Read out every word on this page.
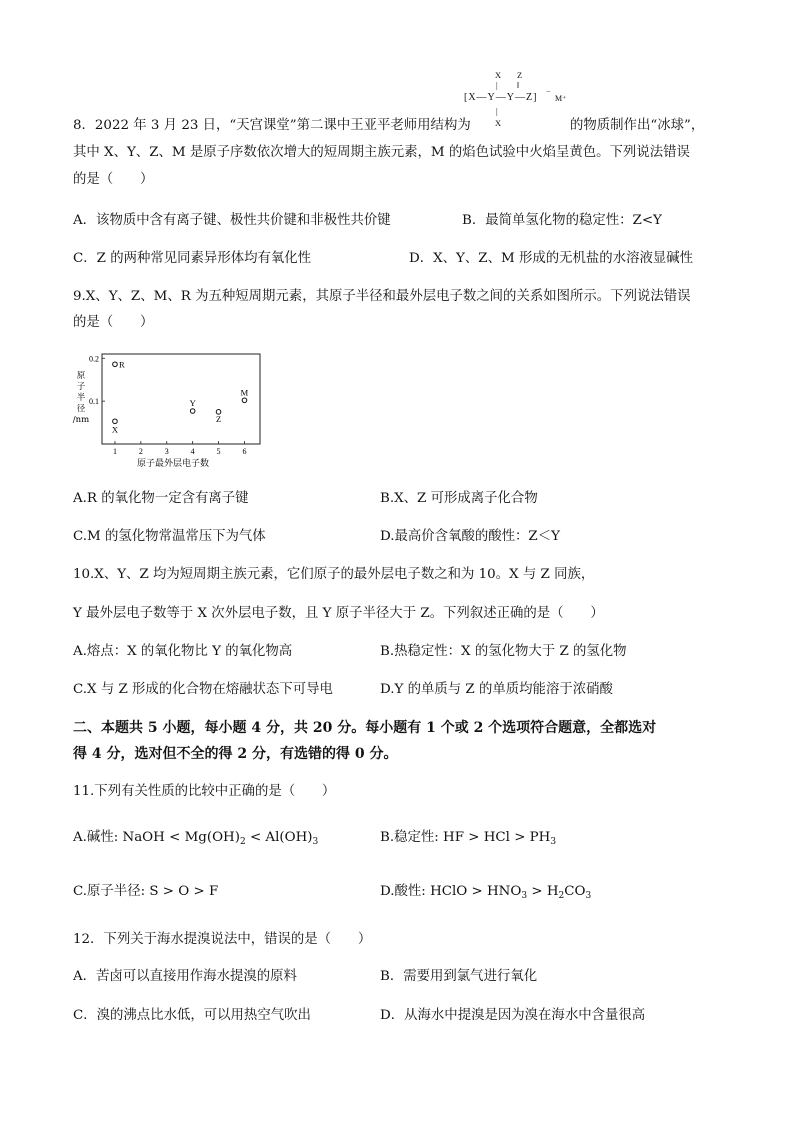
8．2022 年 3 月 23 日，“天宫课堂”第二课中王亚平老师用结构为
X Z
| ‖
[X—Y—Y—Z] ⁻
M⁺
|
X	的物质制作出“冰球”，
其中 X、Y、Z、M 是原子序数依次增大的短周期主族元素，M 的焰色试验中火焰呈黄色。下列说法错误
的是（　　）
A．该物质中含有离子键、极性共价键和非极性共价键	B．最简单氢化物的稳定性：Z<Y
C．Z 的两种常见同素异形体均有氧化性	D．X、Y、Z、M 形成的无机盐的水溶液显碱性
9.X、Y、Z、M、R 为五种短周期元素，其原子半径和最外层电子数之间的关系如图所示。下列说法错误
的是（　　）
1	2	3	4	5	6
0.1
0.2
原
子
半
径
/nm
原子最外层电子数
R
X
Y
Z
M
A.R 的氧化物一定含有离子键	B.X、Z 可形成离子化合物
C.M 的氢化物常温常压下为气体	D.最高价含氧酸的酸性：Z＜Y
10.X、Y、Z 均为短周期主族元素，它们原子的最外层电子数之和为 10。X 与 Z 同族，
Y 最外层电子数等于 X 次外层电子数，且 Y 原子半径大于 Z。下列叙述正确的是（　　）
A.熔点：X 的氧化物比 Y 的氧化物高	B.热稳定性：X 的氢化物大于 Z 的氢化物
C.X 与 Z 形成的化合物在熔融状态下可导电	D.Y 的单质与 Z 的单质均能溶于浓硝酸
二、本题共 5 小题，每小题 4 分，共 20 分。每小题有 1 个或 2 个选项符合题意，全都选对
得 4 分，选对但不全的得 2 分，有选错的得 0 分。
11.下列有关性质的比较中正确的是（　　）
A.碱性: NaOH < $Mg(OH)_2 < Al(OH)_3$	B.稳定性: HF > HCl > $PH_3$
C.原子半径: S > O > F	D.酸性: HClO > $HNO_3 > H_2CO_3$
12．下列关于海水提溴说法中，错误的是（　　）
A．苦卤可以直接用作海水提溴的原料	B．需要用到氯气进行氧化
C．溴的沸点比水低，可以用热空气吹出	D．从海水中提溴是因为溴在海水中含量很高
